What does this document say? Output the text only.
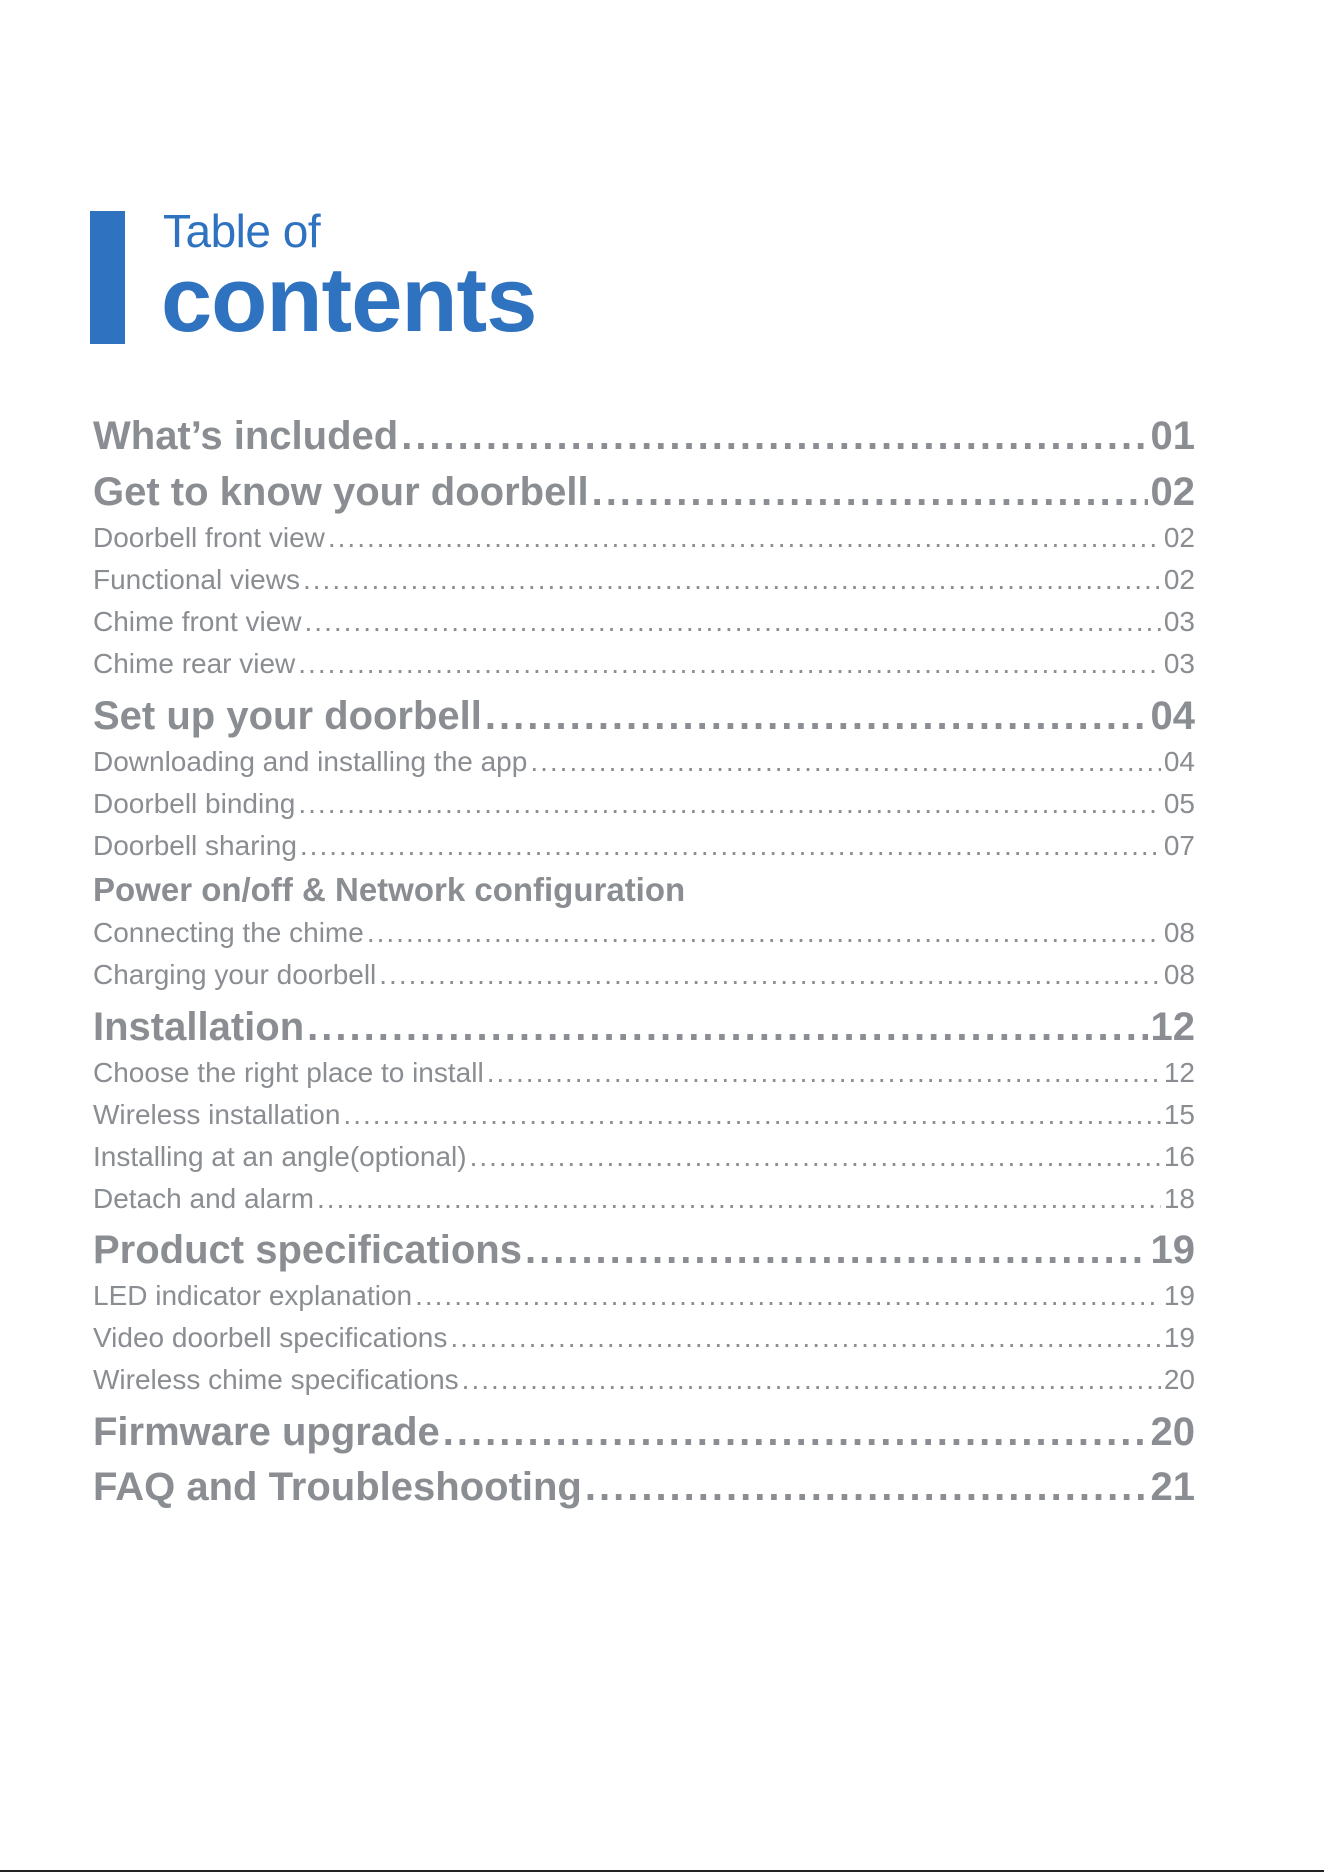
Table of
contents
What’s included .....	01
Get to know your doorbell .....	02
Doorbell front view .....	02
Functional views .....	02
Chime front view .....	03
Chime rear view .....	03
Set up your doorbell .....	04
Downloading and installing the app .....	04
Doorbell binding .....	05
Doorbell sharing .....	07
Power on/off & Network configuration
Connecting the chime .....	08
Charging your doorbell .....	08
Installation .....	12
Choose the right place to install .....	12
Wireless installation .....	15
Installing at an angle(optional) .....	16
Detach and alarm .....	18
Product specifications .....	19
LED indicator explanation .....	19
Video doorbell specifications .....	19
Wireless chime specifications .....	20
Firmware upgrade .....	20
FAQ and Troubleshooting .....	21
